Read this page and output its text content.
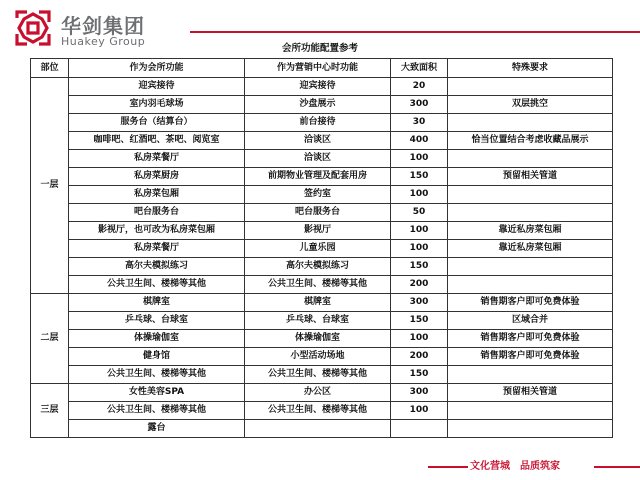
华剑集团
Huakey Group
会所功能配置参考
部位	作为会所功能	作为营销中心时功能	大致面积	特殊要求
一层	迎宾接待	迎宾接待	20	
	室内羽毛球场	沙盘展示	300	双层挑空
	服务台（结算台）	前台接待	30	
	咖啡吧、红酒吧、茶吧、阅览室	洽谈区	400	恰当位置结合考虑收藏品展示
	私房菜餐厅	洽谈区	100	
	私房菜厨房	前期物业管理及配套用房	150	预留相关管道
	私房菜包厢	签约室	100	
	吧台服务台	吧台服务台	50	
	影视厅，也可改为私房菜包厢	影视厅	100	靠近私房菜包厢
	私房菜餐厅	儿童乐园	100	靠近私房菜包厢
	高尔夫模拟练习	高尔夫模拟练习	150	
	公共卫生间、楼梯等其他	公共卫生间、楼梯等其他	200	
二层	棋牌室	棋牌室	300	销售期客户即可免费体验
	乒乓球、台球室	乒乓球、台球室	150	区域合并
	体操瑜伽室	体操瑜伽室	100	销售期客户即可免费体验
	健身馆	小型活动场地	200	销售期客户即可免费体验
	公共卫生间、楼梯等其他	公共卫生间、楼梯等其他	150	
三层	女性美容SPA	办公区	300	预留相关管道
	公共卫生间、楼梯等其他	公共卫生间、楼梯等其他	100	
	露台			
文化营城　品质筑家
